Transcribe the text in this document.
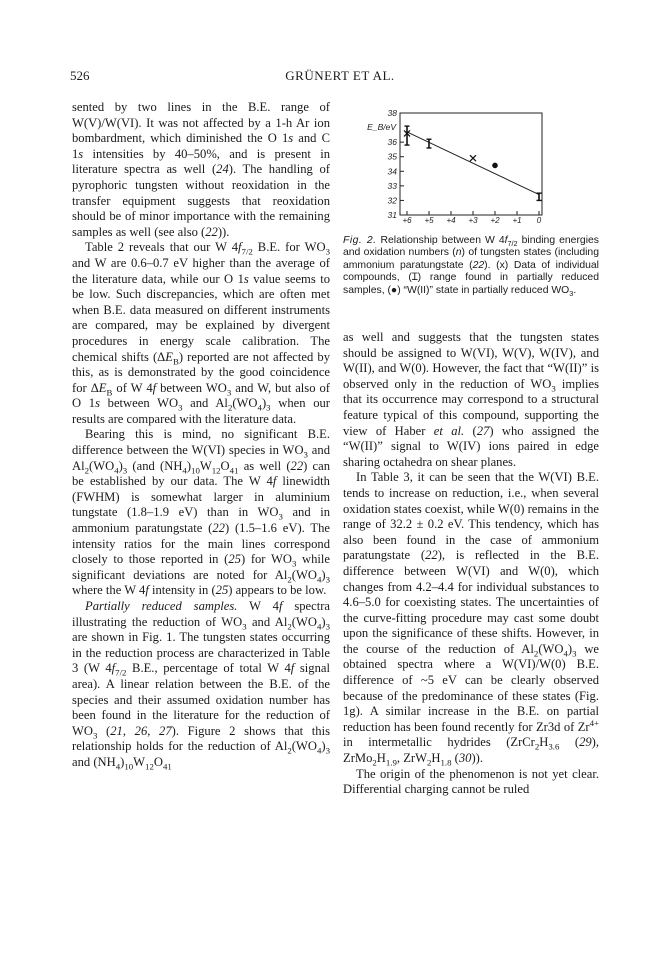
526	GRÜNERT ET AL.

sented by two lines in the B.E. range of W(V)/W(VI). It was not affected by a 1-h Ar ion bombardment, which diminished the O 1s and C 1s intensities by 40–50%, and is present in literature spectra as well (24). The handling of pyrophoric tungsten without reoxidation in the transfer equipment suggests that reoxidation should be of minor importance with the remaining samples as well (see also (22)).

Table 2 reveals that our W $4f_{7/2}$ B.E. for $WO_3$ and W are 0.6–0.7 eV higher than the average of the literature data, while our O 1s value seems to be low. Such discrepancies, which are often met when B.E. data measured on different instruments are compared, may be explained by divergent procedures in energy scale calibration. The chemical shifts $(\Delta E_B)$ reported are not affected by this, as is demonstrated by the good coincidence for $\Delta E_B$ of W 4f between $WO_3$ and W, but also of O 1s between $WO_3$ and $Al_2(WO_4)_3$ when our results are compared with the literature data.

Bearing this is mind, no significant B.E. difference between the W(VI) species in $WO_3$ and $Al_2(WO_4)_3$ (and $(NH_4)_{10}W_{12}O_{41}$ as well (22) can be established by our data. The W 4f linewidth (FWHM) is somewhat larger in aluminium tungstate (1.8–1.9 eV) than in $WO_3$ and in ammonium paratungstate (22) (1.5–1.6 eV). The intensity ratios for the main lines correspond closely to those reported in (25) for $WO_3$ while significant deviations are noted for $Al_2(WO_4)_3$ where the W 4f intensity in (25) appears to be low.

Partially reduced samples. W 4f spectra illustrating the reduction of $WO_3$ and $Al_2(WO_4)_3$ are shown in Fig. 1. The tungsten states occurring in the reduction process are characterized in Table 3 (W $4f_{7/2}$ B.E., percentage of total W 4f signal area). A linear relation between the B.E. of the species and their assumed oxidation number has been found in the literature for the reduction of $WO_3$ (21, 26, 27). Figure 2 shows that this relationship holds for the reduction of $Al_2(WO_4)_3$ and $(NH_4)_{10}W_{12}O_{41}$

as well and suggests that the tungsten states should be assigned to W(VI), W(V), W(IV), and W(II), and W(0). However, the fact that “W(II)” is observed only in the reduction of $WO_3$ implies that its occurrence may correspond to a structural feature typical of this compound, supporting the view of Haber et al. (27) who assigned the “W(II)” signal to W(IV) ions paired in edge sharing octahedra on shear planes.

In Table 3, it can be seen that the W(VI) B.E. tends to increase on reduction, i.e., when several oxidation states coexist, while W(0) remains in the range of 32.2 ± 0.2 eV. This tendency, which has also been found in the case of ammonium paratungstate (22), is reflected in the B.E. difference between W(VI) and W(0), which changes from 4.2–4.4 for individual substances to 4.6–5.0 for coexisting states. The uncertainties of the curve-fitting procedure may cast some doubt upon the significance of these shifts. However, in the course of the reduction of $Al_2(WO_4)_3$ we obtained spectra where a W(VI)/W(0) B.E. difference of ~5 eV can be clearly observed because of the predominance of these states (Fig. 1g). A similar increase in the B.E. on partial reduction has been found recently for Zr3d of $Zr^{4+}$ in intermetallic hydrides ($ZrCr_2H_{3.6}$ (29), $ZrMo_2H_{1.9}$, $ZrW_2H_{1.8}$ (30)).

The origin of the phenomenon is not yet clear. Differential charging cannot be ruled

31
32
33
34
35
36
38
+6 +5 +4 +3 +2 +1 0
E_B/eV
Fig. 2. Relationship between W $4f_{7/2}$ binding energies and oxidation numbers (n) of tungsten states (including ammonium paratungstate (22). (x) Data of individual compounds, (Ɪ) range found in partially reduced samples, (●) “W(II)” state in partially reduced $WO_3$.
